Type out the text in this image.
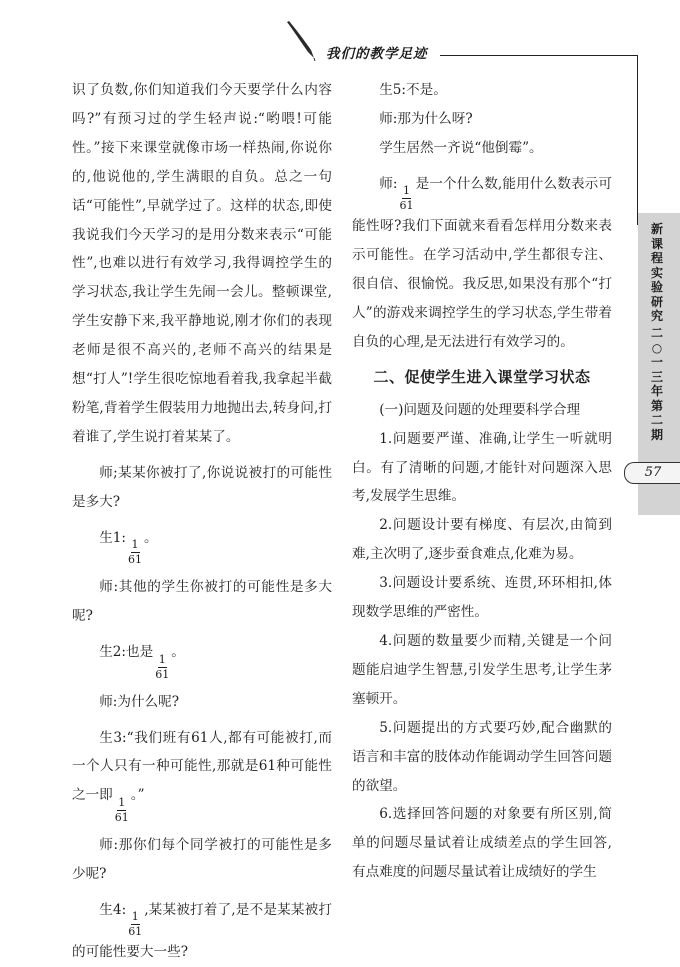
我们的教学足迹
新课程实验研究
二○一三年第二期
57

识了负数,你们知道我们今天要学什么内容吗?”有预习过的学生轻声说:“哟喂!可能性。”接下来课堂就像市场一样热闹,你说你的,他说他的,学生满眼的自负。总之一句话“可能性”,早就学过了。这样的状态,即使我说我们今天学习的是用分数来表示“可能性”,也难以进行有效学习,我得调控学生的学习状态,我让学生先闹一会儿。整顿课堂,学生安静下来,我平静地说,刚才你们的表现老师是很不高兴的,老师不高兴的结果是想“打人”!学生很吃惊地看着我,我拿起半截粉笔,背着学生假装用力地抛出去,转身问,打着谁了,学生说打着某某了。

师;某某你被打了,你说说被打的可能性是多大?

生1:
$\frac{1}{61}$
。

师:其他的学生你被打的可能性是多大呢?

生2:也是
$\frac{1}{61}$
。

师:为什么呢?

生3:“我们班有61人,都有可能被打,而一个人只有一种可能性,那就是61种可能性之一即
$\frac{1}{61}$
。”

师:那你们每个同学被打的可能性是多少呢?

生4:
$\frac{1}{61}$
,某某被打着了,是不是某某被打的可能性要大一些?

生5:不是。

师:那为什么呀?

学生居然一齐说“他倒霉”。

师:
$\frac{1}{61}$
是一个什么数,能用什么数表示可能性呀?我们下面就来看看怎样用分数来表示可能性。在学习活动中,学生都很专注、很自信、很愉悦。我反思,如果没有那个“打人”的游戏来调控学生的学习状态,学生带着自负的心理,是无法进行有效学习的。

二、促使学生进入课堂学习状态

(一)问题及问题的处理要科学合理

1.问题要严谨、准确,让学生一听就明白。有了清晰的问题,才能针对问题深入思考,发展学生思维。

2.问题设计要有梯度、有层次,由简到难,主次明了,逐步蚕食难点,化难为易。

3.问题设计要系统、连贯,环环相扣,体现数学思维的严密性。

4.问题的数量要少而精,关键是一个问题能启迪学生智慧,引发学生思考,让学生茅塞顿开。

5.问题提出的方式要巧妙,配合幽默的语言和丰富的肢体动作能调动学生回答问题的欲望。

6.选择回答问题的对象要有所区别,简单的问题尽量试着让成绩差点的学生回答,有点难度的问题尽量试着让成绩好的学生
